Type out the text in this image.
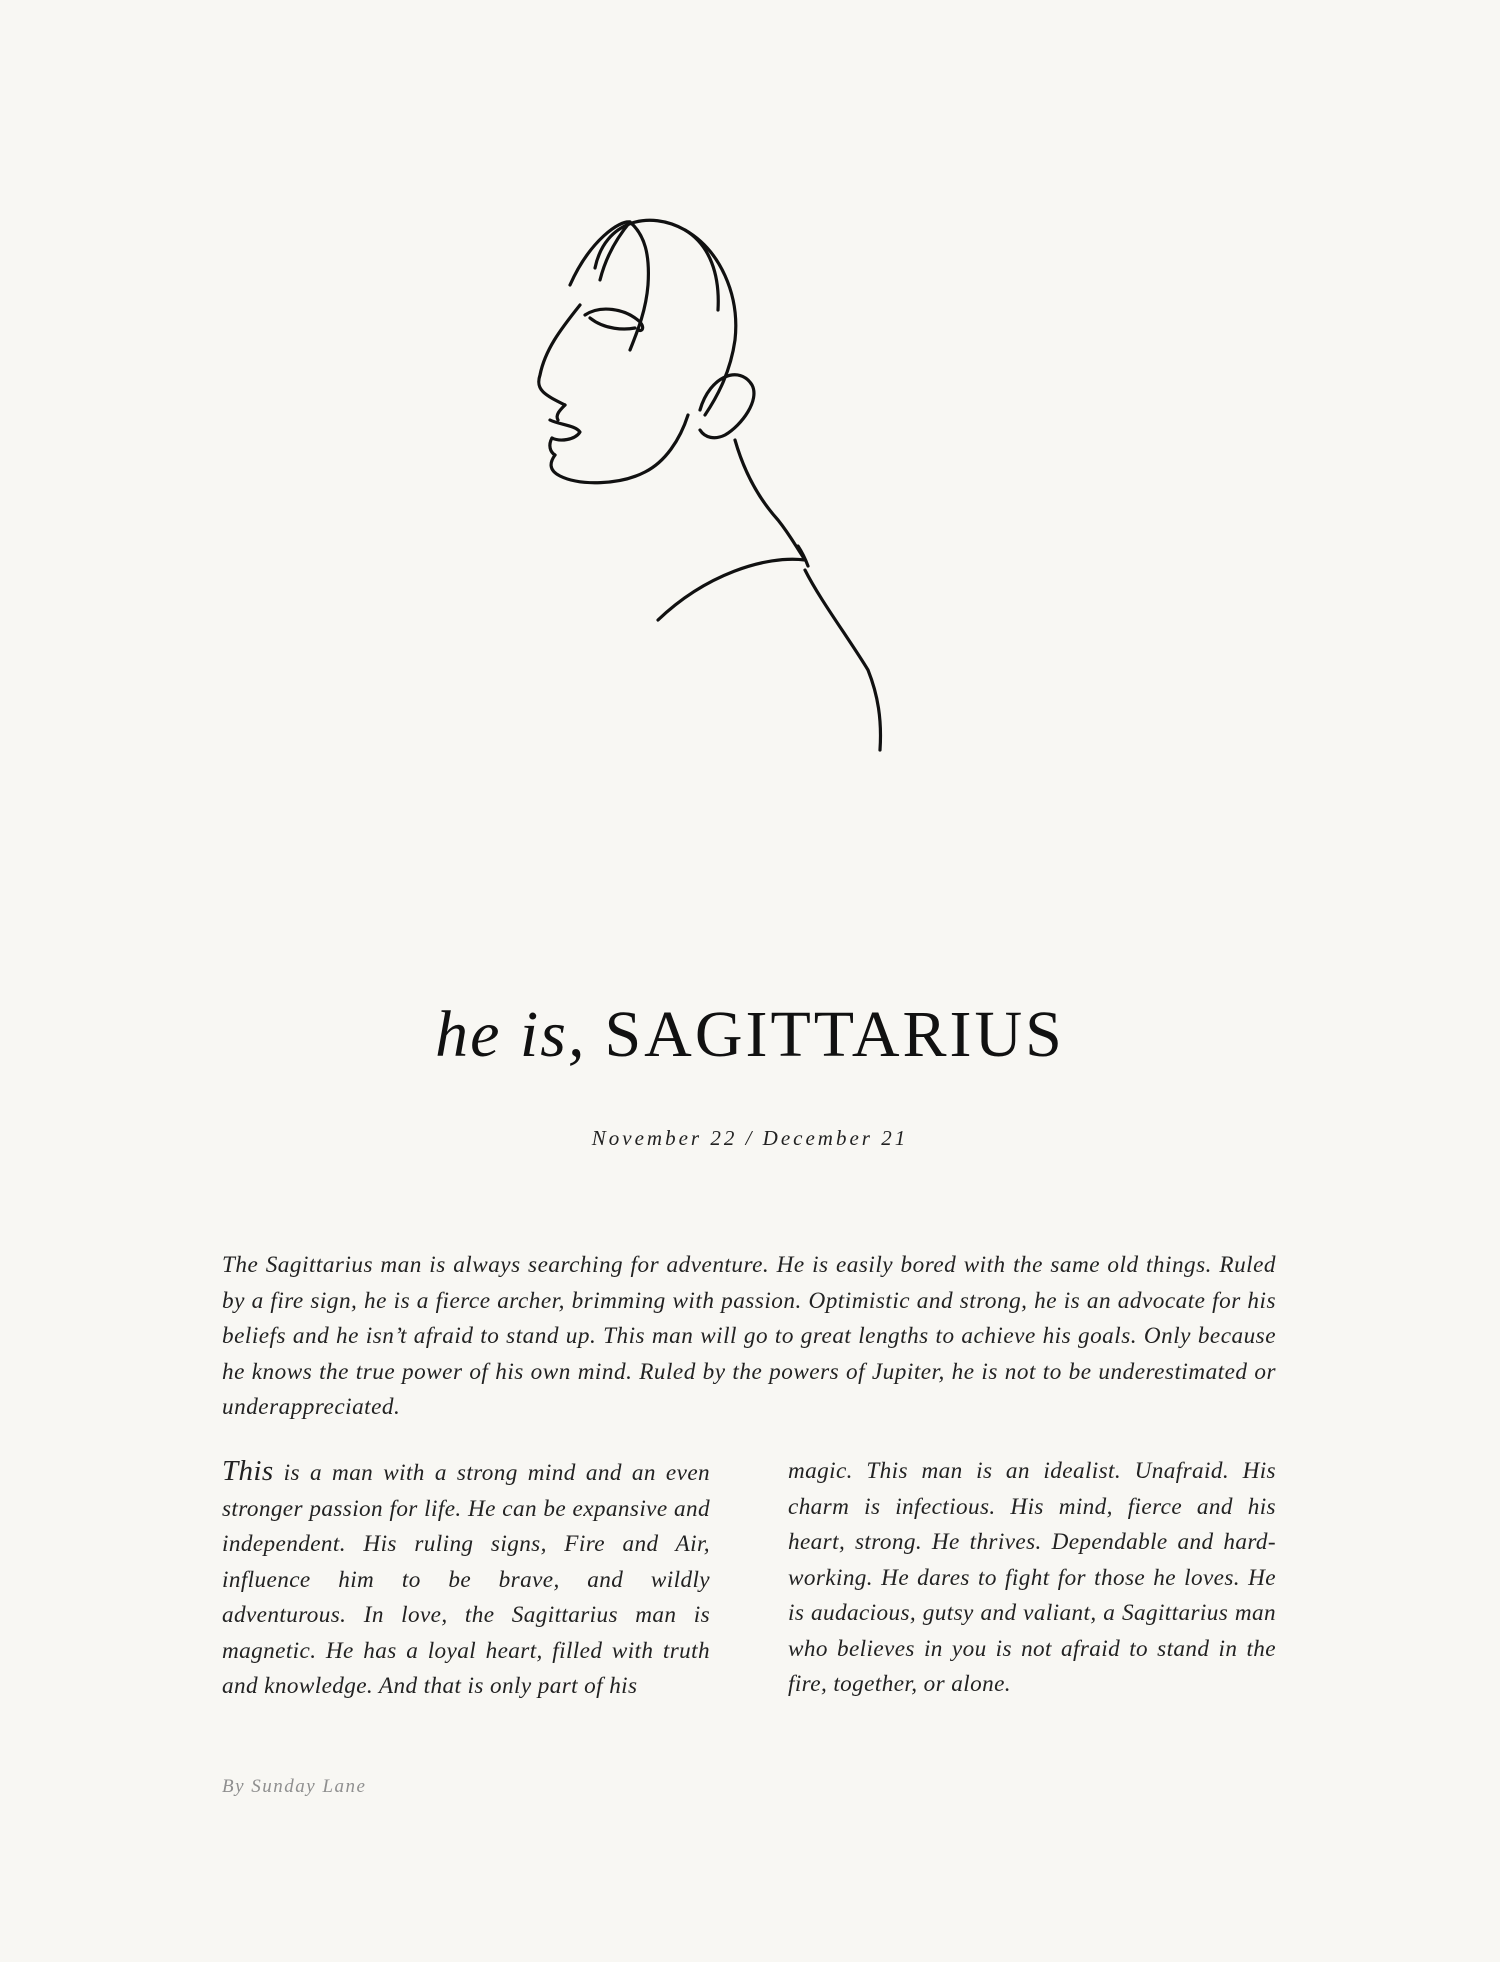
he is, SAGITTARIUS
November 22 / December 21
The Sagittarius man is always searching for adventure. He is easily bored with the same old things. Ruled by a fire sign, he is a fierce archer, brimming with passion. Optimistic and strong, he is an advocate for his beliefs and he isn’t afraid to stand up. This man will go to great lengths to achieve his goals. Only because he knows the true power of his own mind. Ruled by the powers of Jupiter, he is not to be underestimated or underappreciated.
This is a man with a strong mind and an even stronger passion for life. He can be expansive and independent. His ruling signs, Fire and Air, influence him to be brave, and wildly adventurous. In love, the Sagittarius man is magnetic. He has a loyal heart, filled with truth and knowledge. And that is only part of his
magic. This man is an idealist. Unafraid. His charm is infectious. His mind, fierce and his heart, strong. He thrives. Dependable and hard-working. He dares to fight for those he loves. He is audacious, gutsy and valiant, a Sagittarius man who believes in you is not afraid to stand in the fire, together, or alone.
By Sunday Lane
